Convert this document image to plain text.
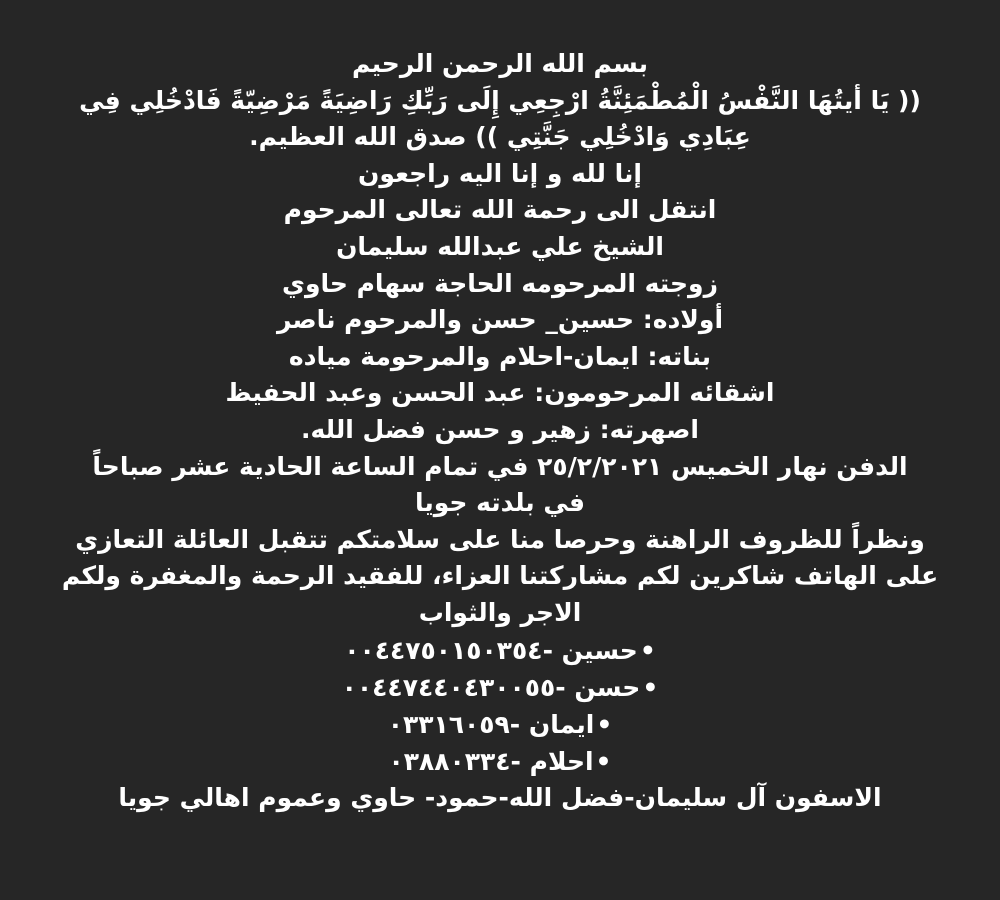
بسم الله الرحمن الرحيم
(( يَا أيتُهَا النَّفْسُ الْمُطْمَئِنَّةُ ارْجِعِي إِلَى رَبِّكِ رَاضِيَةً مَرْضِيّةً فَادْخُلِي فِي
عِبَادِي وَادْخُلِي جَنَّتِي )) صدق الله العظيم.
إنا لله و إنا اليه راجعون
انتقل الى رحمة الله تعالى المرحوم
الشيخ علي عبدالله سليمان
زوجته المرحومه الحاجة سهام حاوي
أولاده: حسين_ حسن والمرحوم ناصر
بناته: ايمان-احلام والمرحومة مياده
اشقائه المرحومون: عبد الحسن وعبد الحفيظ
اصهرته: زهير و حسن فضل الله.
الدفن نهار الخميس ٢٥/٢/٢٠٢١ في تمام الساعة الحادية عشر صباحاً
في بلدته جويا
ونظراً للظروف الراهنة وحرصا منا على سلامتكم تتقبل العائلة التعازي
على الهاتف شاكرين لكم مشاركتنا العزاء، للفقيد الرحمة والمغفرة ولكم
الاجر والثواب
•حسين -٠٠٤٤٧٥٠١٥٠٣٥٤
•حسن -٠٠٤٤٧٤٤٠٤٣٠٠٥٥
•ايمان -٠٣٣١٦٠٥٩
•احلام -٠٣٨٨٠٣٣٤
الاسفون آل سليمان-فضل الله-حمود- حاوي وعموم اهالي جويا
